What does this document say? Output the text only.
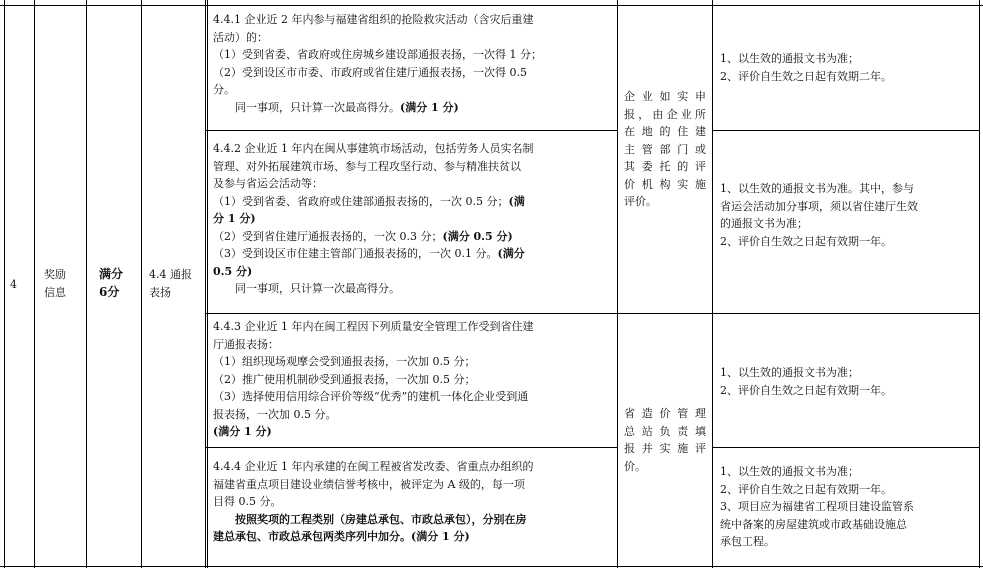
4
奖励
信息
满分
6分
4.4 通报
表扬
4.4.1 企业近 2 年内参与福建省组织的抢险救灾活动（含灾后重建
活动）的：
（1）受到省委、省政府或住房城乡建设部通报表扬，一次得 1 分；
（2）受到设区市市委、市政府或省住建厅通报表扬，一次得 0.5
分。
同一事项，只计算一次最高得分。(满分 1 分)
4.4.2 企业近 1 年内在闽从事建筑市场活动，包括劳务人员实名制
管理、对外拓展建筑市场、参与工程攻坚行动、参与精准扶贫以
及参与省运会活动等：
（1）受到省委、省政府或住建部通报表扬的，一次 0.5 分；(满
分 1 分)
（2）受到省住建厅通报表扬的，一次 0.3 分；(满分 0.5 分)
（3）受到设区市住建主管部门通报表扬的，一次 0.1 分。(满分
0.5 分)
同一事项，只计算一次最高得分。
4.4.3 企业近 1 年内在闽工程因下列质量安全管理工作受到省住建
厅通报表扬：
（1）组织现场观摩会受到通报表扬，一次加 0.5 分；
（2）推广使用机制砂受到通报表扬，一次加 0.5 分；
（3）选择使用信用综合评价等级“优秀”的建机一体化企业受到通
报表扬，一次加 0.5 分。
(满分 1 分)
4.4.4 企业近 1 年内承建的在闽工程被省发改委、省重点办组织的
福建省重点项目建设业绩信誉考核中，被评定为 A 级的，每一项
目得 0.5 分。
按照奖项的工程类别（房建总承包、市政总承包），分别在房
建总承包、市政总承包两类序列中加分。(满分 1 分)
企业如实申
报，由企业所
在地的住建
主管部门或
其委托的评
价机构实施
评价。
省造价管理
总站负责填
报并实施评
价。
1、以生效的通报文书为准；
2、评价自生效之日起有效期二年。
1、以生效的通报文书为准。其中，参与
省运会活动加分事项，须以省住建厅生效
的通报文书为准；
2、评价自生效之日起有效期一年。
1、以生效的通报文书为准；
2、评价自生效之日起有效期一年。
1、以生效的通报文书为准；
2、评价自生效之日起有效期一年。
3、项目应为福建省工程项目建设监管系
统中备案的房屋建筑或市政基础设施总
承包工程。
